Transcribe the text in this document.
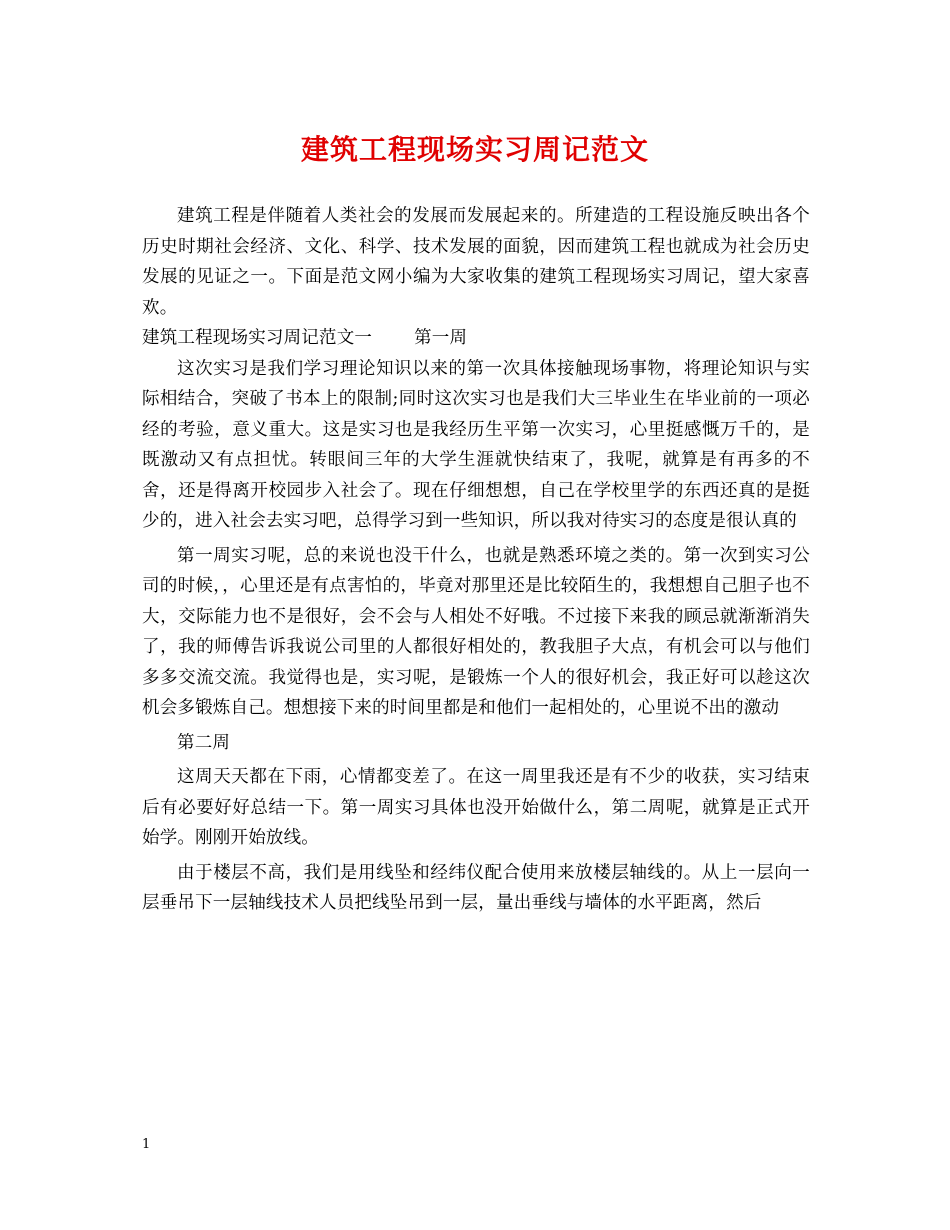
建筑工程现场实习周记范文

建筑工程是伴随着人类社会的发展而发展起来的。所建造的工程设施反映出各个历史时期社会经济、文化、科学、技术发展的面貌，因而建筑工程也就成为社会历史发展的见证之一。下面是范文网小编为大家收集的建筑工程现场实习周记，望大家喜欢。

建筑工程现场实习周记范文一 第一周

这次实习是我们学习理论知识以来的第一次具体接触现场事物，将理论知识与实际相结合，突破了书本上的限制;同时这次实习也是我们大三毕业生在毕业前的一项必经的考验，意义重大。这是实习也是我经历生平第一次实习，心里挺感慨万千的，是既激动又有点担忧。转眼间三年的大学生涯就快结束了，我呢，就算是有再多的不舍，还是得离开校园步入社会了。现在仔细想想，自己在学校里学的东西还真的是挺少的，进入社会去实习吧，总得学习到一些知识，所以我对待实习的态度是很认真的

第一周实习呢，总的来说也没干什么，也就是熟悉环境之类的。第一次到实习公司的时候，，心里还是有点害怕的，毕竟对那里还是比较陌生的，我想想自己胆子也不大，交际能力也不是很好，会不会与人相处不好哦。不过接下来我的顾忌就渐渐消失了，我的师傅告诉我说公司里的人都很好相处的，教我胆子大点，有机会可以与他们多多交流交流。我觉得也是，实习呢，是锻炼一个人的很好机会，我正好可以趁这次机会多锻炼自己。想想接下来的时间里都是和他们一起相处的，心里说不出的激动

第二周

这周天天都在下雨，心情都变差了。在这一周里我还是有不少的收获，实习结束后有必要好好总结一下。第一周实习具体也没开始做什么，第二周呢，就算是正式开始学。刚刚开始放线。

由于楼层不高，我们是用线坠和经纬仪配合使用来放楼层轴线的。从上一层向一层垂吊下一层轴线技术人员把线坠吊到一层，量出垂线与墙体的水平距离，然后

1
